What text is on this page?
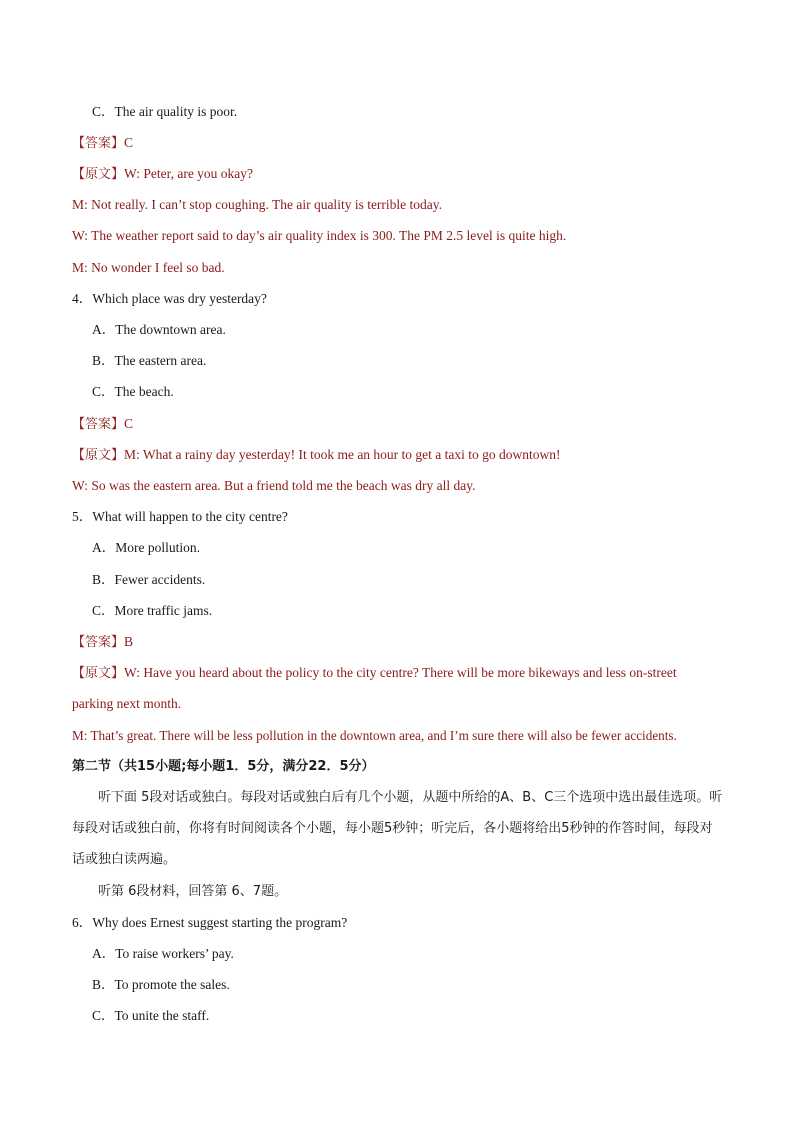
C．The air quality is poor.
【答案】C
【原文】W: Peter, are you okay?
M: Not really. I can’t stop coughing. The air quality is terrible today.
W: The weather report said to day’s air quality index is 300. The PM 2.5 level is quite high.
M: No wonder I feel so bad.
4．Which place was dry yesterday?
A．The downtown area.
B．The eastern area.
C．The beach.
【答案】C
【原文】M: What a rainy day yesterday! It took me an hour to get a taxi to go downtown!
W: So was the eastern area. But a friend told me the beach was dry all day.
5．What will happen to the city centre?
A．More pollution.
B．Fewer accidents.
C．More traffic jams.
【答案】B
【原文】W: Have you heard about the policy to the city centre? There will be more bikeways and less on-street
parking next month.
M: That’s great. There will be less pollution in the downtown area, and I’m sure there will also be fewer accidents.
第二节（共15小题;每小题1．5分，满分22．5分）
听下面 5段对话或独白。每段对话或独白后有几个小题，从题中所给的A、B、C三个选项中选出最佳选项。听每段对话或独白前，你将有时间阅读各个小题，每小题5秒钟；听完后，各小题将给出5秒钟的作答时间，每段对话或独白读两遍。
听第 6段材料，回答第 6、7题。
6．Why does Ernest suggest starting the program?
A．To raise workers’ pay.
B．To promote the sales.
C．To unite the staff.
